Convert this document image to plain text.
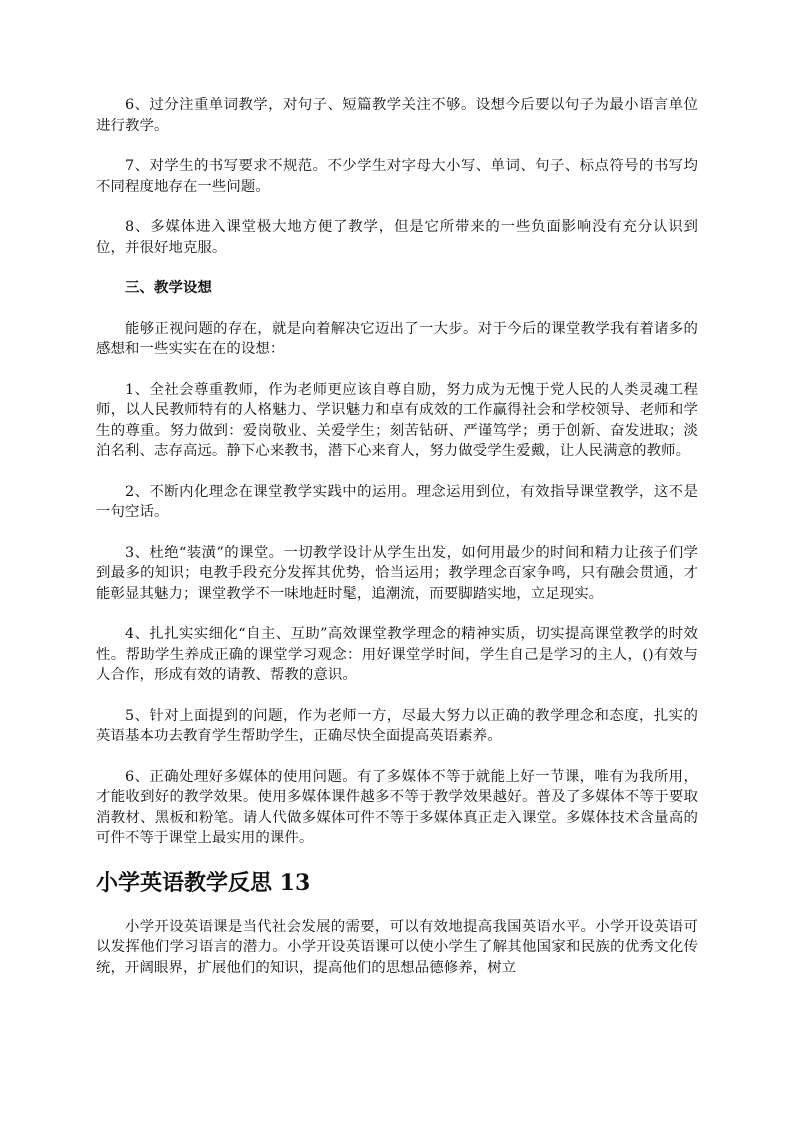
6、过分注重单词教学，对句子、短篇教学关注不够。设想今后要以句子为最小语言单位进行教学。

7、对学生的书写要求不规范。不少学生对字母大小写、单词、句子、标点符号的书写均不同程度地存在一些问题。

8、多媒体进入课堂极大地方便了教学，但是它所带来的一些负面影响没有充分认识到位，并很好地克服。

三、教学设想

能够正视问题的存在，就是向着解决它迈出了一大步。对于今后的课堂教学我有着诸多的感想和一些实实在在的设想：

1、全社会尊重教师，作为老师更应该自尊自励，努力成为无愧于党人民的人类灵魂工程师，以人民教师特有的人格魅力、学识魅力和卓有成效的工作赢得社会和学校领导、老师和学生的尊重。努力做到：爱岗敬业、关爱学生；刻苦钻研、严谨笃学；勇于创新、奋发进取；淡泊名利、志存高远。静下心来教书，潜下心来育人，努力做受学生爱戴，让人民满意的教师。

2、不断内化理念在课堂教学实践中的运用。理念运用到位，有效指导课堂教学，这不是一句空话。

3、杜绝“装潢”的课堂。一切教学设计从学生出发，如何用最少的时间和精力让孩子们学到最多的知识；电教手段充分发挥其优势，恰当运用；教学理念百家争鸣，只有融会贯通，才能彰显其魅力；课堂教学不一味地赶时髦，追潮流，而要脚踏实地，立足现实。

4、扎扎实实细化“自主、互助”高效课堂教学理念的精神实质，切实提高课堂教学的时效性。帮助学生养成正确的课堂学习观念：用好课堂学时间，学生自己是学习的主人，()有效与人合作，形成有效的请教、帮教的意识。

5、针对上面提到的问题，作为老师一方，尽最大努力以正确的教学理念和态度，扎实的英语基本功去教育学生帮助学生，正确尽快全面提高英语素养。

6、正确处理好多媒体的使用问题。有了多媒体不等于就能上好一节课，唯有为我所用，才能收到好的教学效果。使用多媒体课件越多不等于教学效果越好。普及了多媒体不等于要取消教材、黑板和粉笔。请人代做多媒体可件不等于多媒体真正走入课堂。多媒体技术含量高的可件不等于课堂上最实用的课件。

小学英语教学反思 13

小学开设英语课是当代社会发展的需要，可以有效地提高我国英语水平。小学开设英语可以发挥他们学习语言的潜力。小学开设英语课可以使小学生了解其他国家和民族的优秀文化传统，开阔眼界，扩展他们的知识，提高他们的思想品德修养，树立
